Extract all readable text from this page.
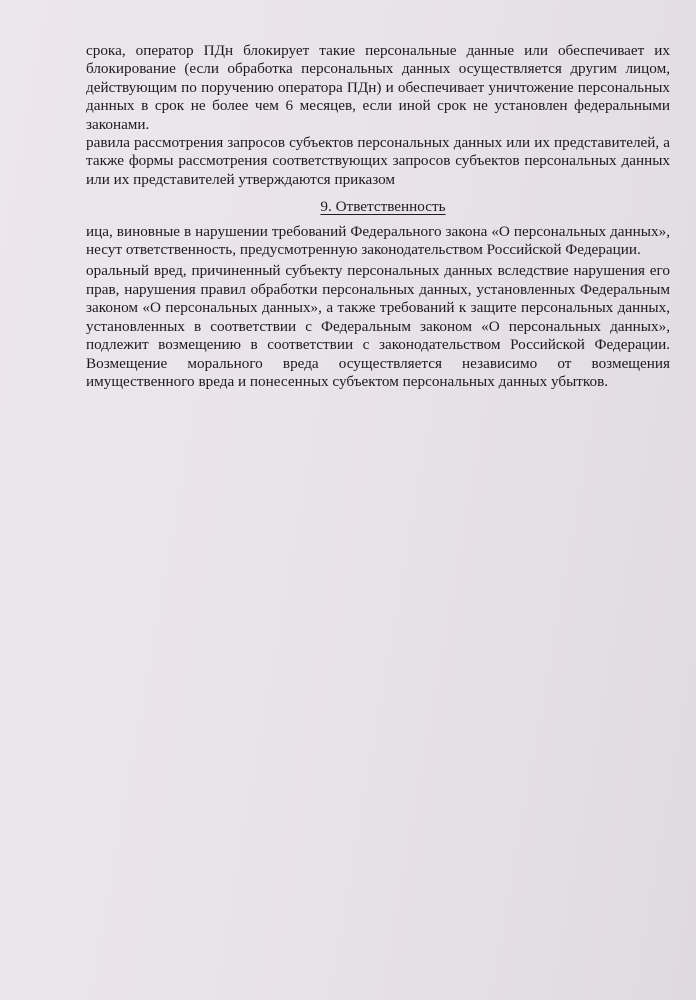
срока, оператор ПДн блокирует такие персональные данные или обеспечивает их
блокирование (если обработка персональных данных осуществляется другим лицом,
действующим по поручению оператора ПДн) и обеспечивает уничтожение персональных
данных в срок не более чем 6 месяцев, если иной срок не установлен федеральными
законами.

равила рассмотрения запросов субъектов персональных данных или их представителей, а
также формы рассмотрения соответствующих запросов субъектов персональных данных
или их представителей утверждаются приказом

9. Ответственность

ица, виновные в нарушении требований Федерального закона «О персональных данных»,
несут ответственность, предусмотренную законодательством Российской Федерации.

оральный вред, причиненный субъекту персональных данных вследствие нарушения его
прав, нарушения правил обработки персональных данных, установленных Федеральным
законом «О персональных данных», а также требований к защите персональных данных,
установленных в соответствии с Федеральным законом «О персональных данных»,
подлежит возмещению в соответствии с законодательством Российской Федерации.
Возмещение морального вреда осуществляется независимо от возмещения
имущественного вреда и понесенных субъектом персональных данных убытков.
